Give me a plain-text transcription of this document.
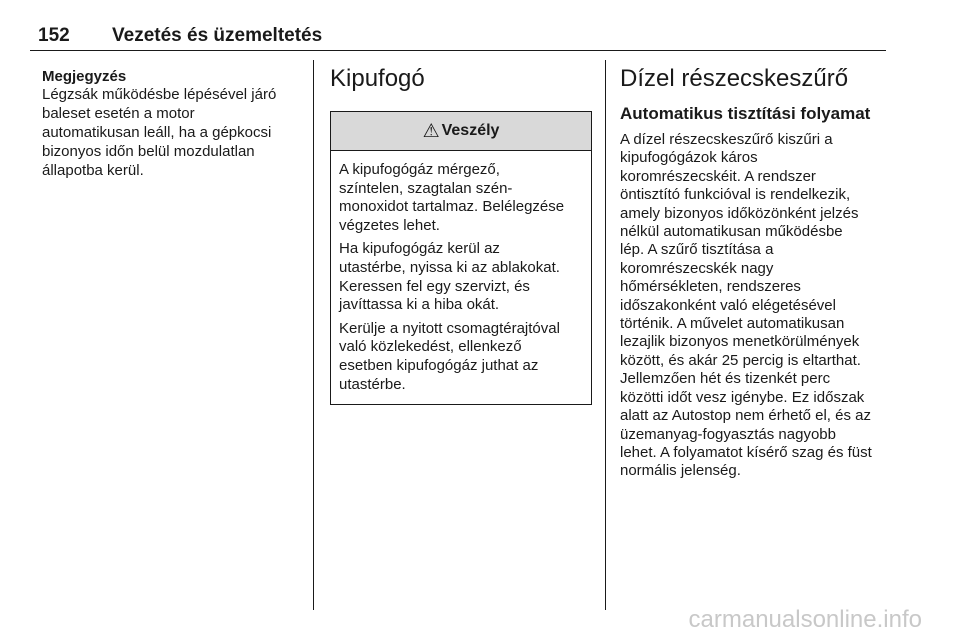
152 Vezetés és üzemeltetés
Megjegyzés

Légzsák működésbe lépésével járó

baleset esetén a motor

automatikusan leáll, ha a gépkocsi

bizonyos időn belül mozdulatlan

állapotba kerül.

Kipufogó
⚠ Veszély

A kipufogógáz mérgező,
színtelen, szagtalan szén-
monoxidot tartalmaz. Belélegzése
végzetes lehet.

Ha kipufogógáz kerül az
utastérbe, nyissa ki az ablakokat.
Keressen fel egy szervizt, és
javíttassa ki a hiba okát.

Kerülje a nyitott csomagtérajtóval
való közlekedést, ellenkező
esetben kipufogógáz juthat az
utastérbe.

Dízel részecskeszűrő
Automatikus tisztítási folyamat

A dízel részecskeszűrő kiszűri a

kipufogógázok káros

koromrészecskéit. A rendszer

öntisztító funkcióval is rendelkezik,

amely bizonyos időközönként jelzés

nélkül automatikusan működésbe

lép. A szűrő tisztítása a

koromrészecskék nagy

hőmérsékleten, rendszeres

időszakonként való elégetésével

történik. A művelet automatikusan

lezajlik bizonyos menetkörülmények

között, és akár 25 percig is eltarthat.

Jellemzően hét és tizenkét perc

közötti időt vesz igénybe. Ez időszak

alatt az Autostop nem érhető el, és az

üzemanyag-fogyasztás nagyobb

lehet. A folyamatot kísérő szag és füst

normális jelenség.

carmanualsonline.info
